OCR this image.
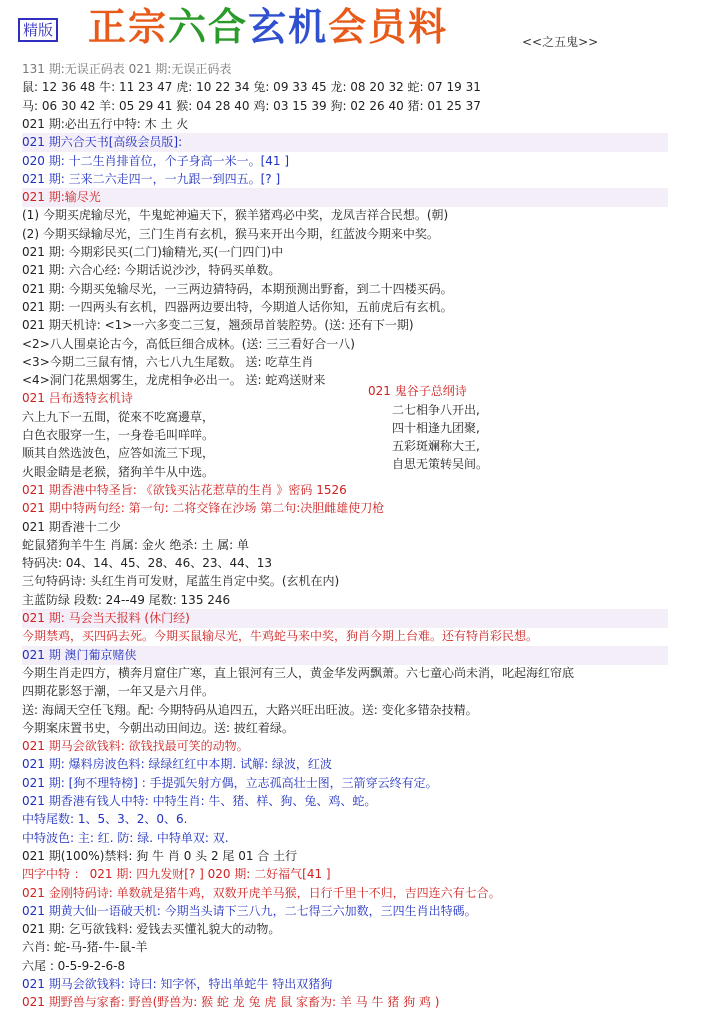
精版 正宗六合玄机会员料	<<之五鬼>>
131 期:无误正码表 021 期:无误正码表
鼠: 12 36 48 牛: 11 23 47 虎: 10 22 34 兔: 09 33 45 龙: 08 20 32 蛇: 07 19 31
马: 06 30 42 羊: 05 29 41 猴: 04 28 40 鸡: 03 15 39 狗: 02 26 40 猪: 01 25 37
021 期:必出五行中特: 木 土 火
021 期六合天书[高级会员版]:
020 期: 十二生肖排首位，个子身高一米一。[41 ]
021 期: 三来二六走四一，一九跟一到四五。[? ]
021 期:输尽光
(1) 今期买虎输尽光，牛鬼蛇神遍天下，猴羊猪鸡必中奖，龙凤吉祥合民想。(朝)
(2) 今期买绿输尽光，三门生肖有玄机，猴马来开出今期，红蓝波今期来中奖。
021 期: 今期彩民买(二门)输精光,买(一门四门)中
021 期: 六合心经: 今期话说沙沙，特码买单数。
021 期: 今期买兔输尽光，一三两边猜特码，本期预测出野畜，到二十四楼买码。
021 期: 一四两头有玄机，四器两边要出特，今期道人话你知，五前虎后有玄机。
021 期天机诗: <1>一六多变二三复，翘颈昂首装腔势。(送: 还有下一期)
<2>八人围桌论古今，高低巨细合成林。(送: 三三看好合一八)
<3>今期二三鼠有情，六七八九生尾数。 送: 吃草生肖
<4>洞门花黑烟雾生，龙虎相争必出一。 送: 蛇鸡送财来
021 吕布透特玄机诗
六上九下一五間，從來不吃窩邊草，
白色衣服穿一生，一身卷毛叫咩咩。
顺其自然选波色，应答如流三下现，
火眼金睛是老猴，猪狗羊牛从中选。
021 期香港中特圣旨: 《欲钱买沾花惹草的生肖 》密码 1526
021 期中特两句经: 第一句: 二将交锋在沙场 第二句:决胆雌雄使刀枪
021 期香港十二少
蛇鼠猪狗羊牛生 肖属: 金火 绝杀: 土 属: 单
特码决: 04、14、45、28、46、23、44、13
三句特码诗: 头红生肖可发财，尾蓝生肖定中奖。(玄机在内)
主蓝防绿 段数: 24--49 尾数: 135 246
021 期: 马会当天报料 (休门经)
今期禁鸡，买四码去死。今期买鼠输尽光，牛鸡蛇马来中奖，狗肖今期上台难。还有特肖彩民想。
021 期 澳门葡京赌侠
今期生肖走四方，横奔月窟住广寒，直上银河有三人，黄金华发两飘萧。六七童心尚未消，叱起海红帘底
四期花影怒于潮，一年又是六月伴。
送: 海阔天空任飞翔。配: 今期特码从追四五，大路兴旺出旺波。送: 变化多错杂技精。
今期案床置书史，今朝出动田间边。送: 披红着绿。
021 期马会欲钱料: 欲钱找最可笑的动物。
021 期: 爆料房波色料: 绿绿红红中本期. 试解: 绿波，红波
021 期: [狗不理特榜] : 手提弧矢射方偶，立志孤高壮士图，三箭穿云终有定。
021 期香港有钱人中特: 中特生肖: 牛、猪、样、狗、兔、鸡、蛇。
中特尾数: 1、5、3、2、0、6.
中特波色: 主: 红. 防: 绿. 中特单双: 双.
021 期(100%)禁料: 狗 牛 肖 0 头 2 尾 01 合 土行
四字中特 ： 021 期: 四九发财[? ] 020 期: 二好福气[41 ]
021 金刚特码诗: 单数就是猪牛鸡，双数开虎羊马猴，日行千里十不归，吉四连六有七合。
021 期黄大仙一语破天机: 今期当头请下三八九，二七得三六加数，三四生肖出特碼。
021 期: 乞丐欲钱料: 爱钱去买懂礼貌大的动物。
六肖: 蛇-马-猪-牛-鼠-羊
六尾 : 0-5-9-2-6-8
021 期马会欲钱料: 诗曰: 知字怀，特出单蛇牛 特出双猪狗
021 期野兽与家畜: 野兽(野兽为: 猴 蛇 龙 兔 虎 鼠 家畜为: 羊 马 牛 猪 狗 鸡 )
021 鬼谷子总纲诗
二七相争八开出,
四十相逢九团聚,
五彩斑斓称大王,
自思无策转吴间。
